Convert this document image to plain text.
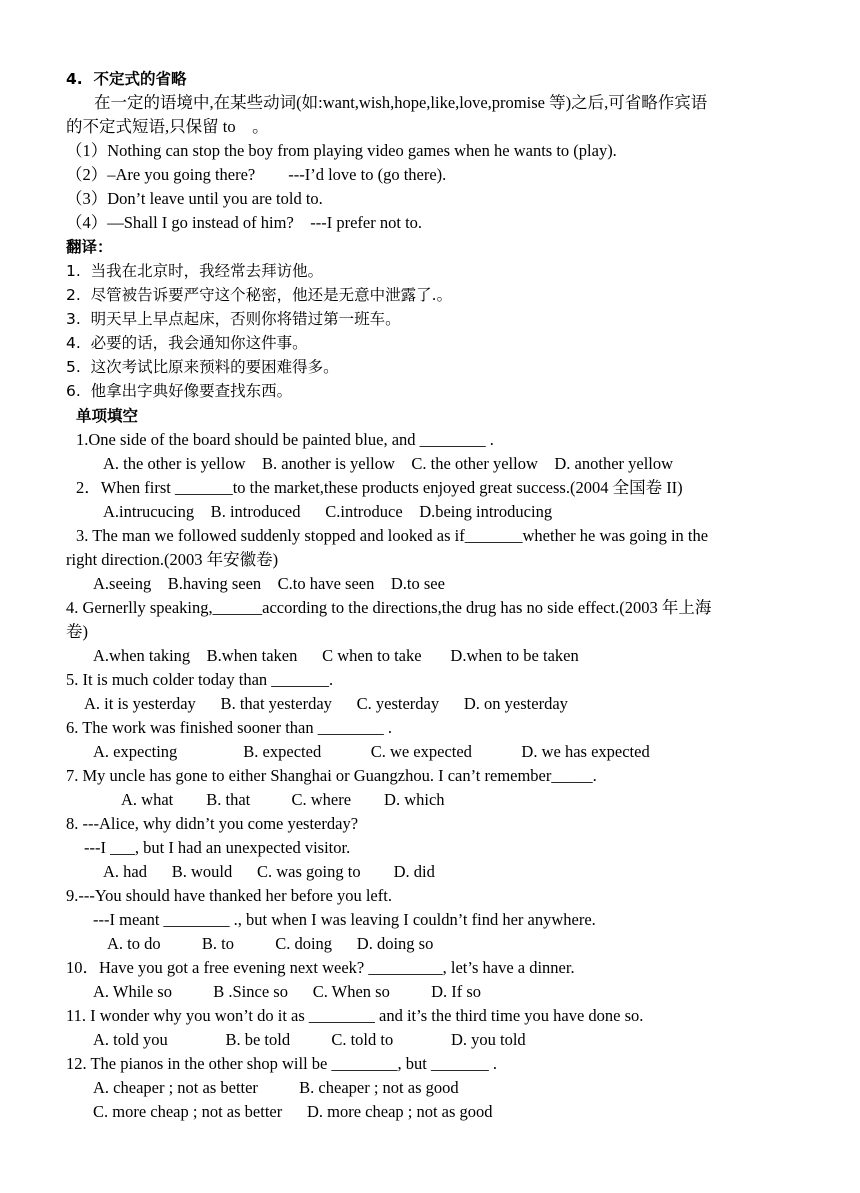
4.  不定式的省略
在一定的语境中,在某些动词(如:want,wish,hope,like,love,promise 等)之后,可省略作宾语
的不定式短语,只保留 to    。
（1）Nothing can stop the boy from playing video games when he wants to (play).
（2）–Are you going there?        ---I’d love to (go there).
（3）Don’t leave until you are told to.
（4）—Shall I go instead of him?    ---I prefer not to.
翻译：
1.  当我在北京时，我经常去拜访他。
2.  尽管被告诉要严守这个秘密，他还是无意中泄露了.。
3.  明天早上早点起床，否则你将错过第一班车。
4.  必要的话，我会通知你这件事。
5.  这次考试比原来预料的要困难得多。
6.  他拿出字典好像要查找东西。
单项填空
1.One side of the board should be painted blue, and ________ .
A. the other is yellow    B. another is yellow    C. the other yellow    D. another yellow
2．When first _______to the market,these products enjoyed great success.(2004 全国卷 II)
A.intrucucing    B. introduced      C.introduce    D.being introducing
3. The man we followed suddenly stopped and looked as if_______whether he was going in the
right direction.(2003 年安徽卷)
A.seeing    B.having seen    C.to have seen    D.to see
4. Gernerlly speaking,______according to the directions,the drug has no side effect.(2003 年上海
卷)
A.when taking    B.when taken      C when to take       D.when to be taken
5. It is much colder today than _______.
A. it is yesterday      B. that yesterday      C. yesterday      D. on yesterday
6. The work was finished sooner than ________ .
A. expecting                B. expected            C. we expected            D. we has expected
7. My uncle has gone to either Shanghai or Guangzhou. I can’t remember_____.
A. what        B. that          C. where        D. which
8. ---Alice, why didn’t you come yesterday?
---I ___, but I had an unexpected visitor.
A. had      B. would      C. was going to        D. did
9.---You should have thanked her before you left.
---I meant ________ ., but when I was leaving I couldn’t find her anywhere.
A. to do          B. to          C. doing      D. doing so
10．Have you got a free evening next week? _________, let’s have a dinner.
A. While so          B .Since so      C. When so          D. If so
11. I wonder why you won’t do it as ________ and it’s the third time you have done so.
A. told you              B. be told          C. told to              D. you told
12. The pianos in the other shop will be ________, but _______ .
A. cheaper ; not as better          B. cheaper ; not as good
C. more cheap ; not as better      D. more cheap ; not as good
